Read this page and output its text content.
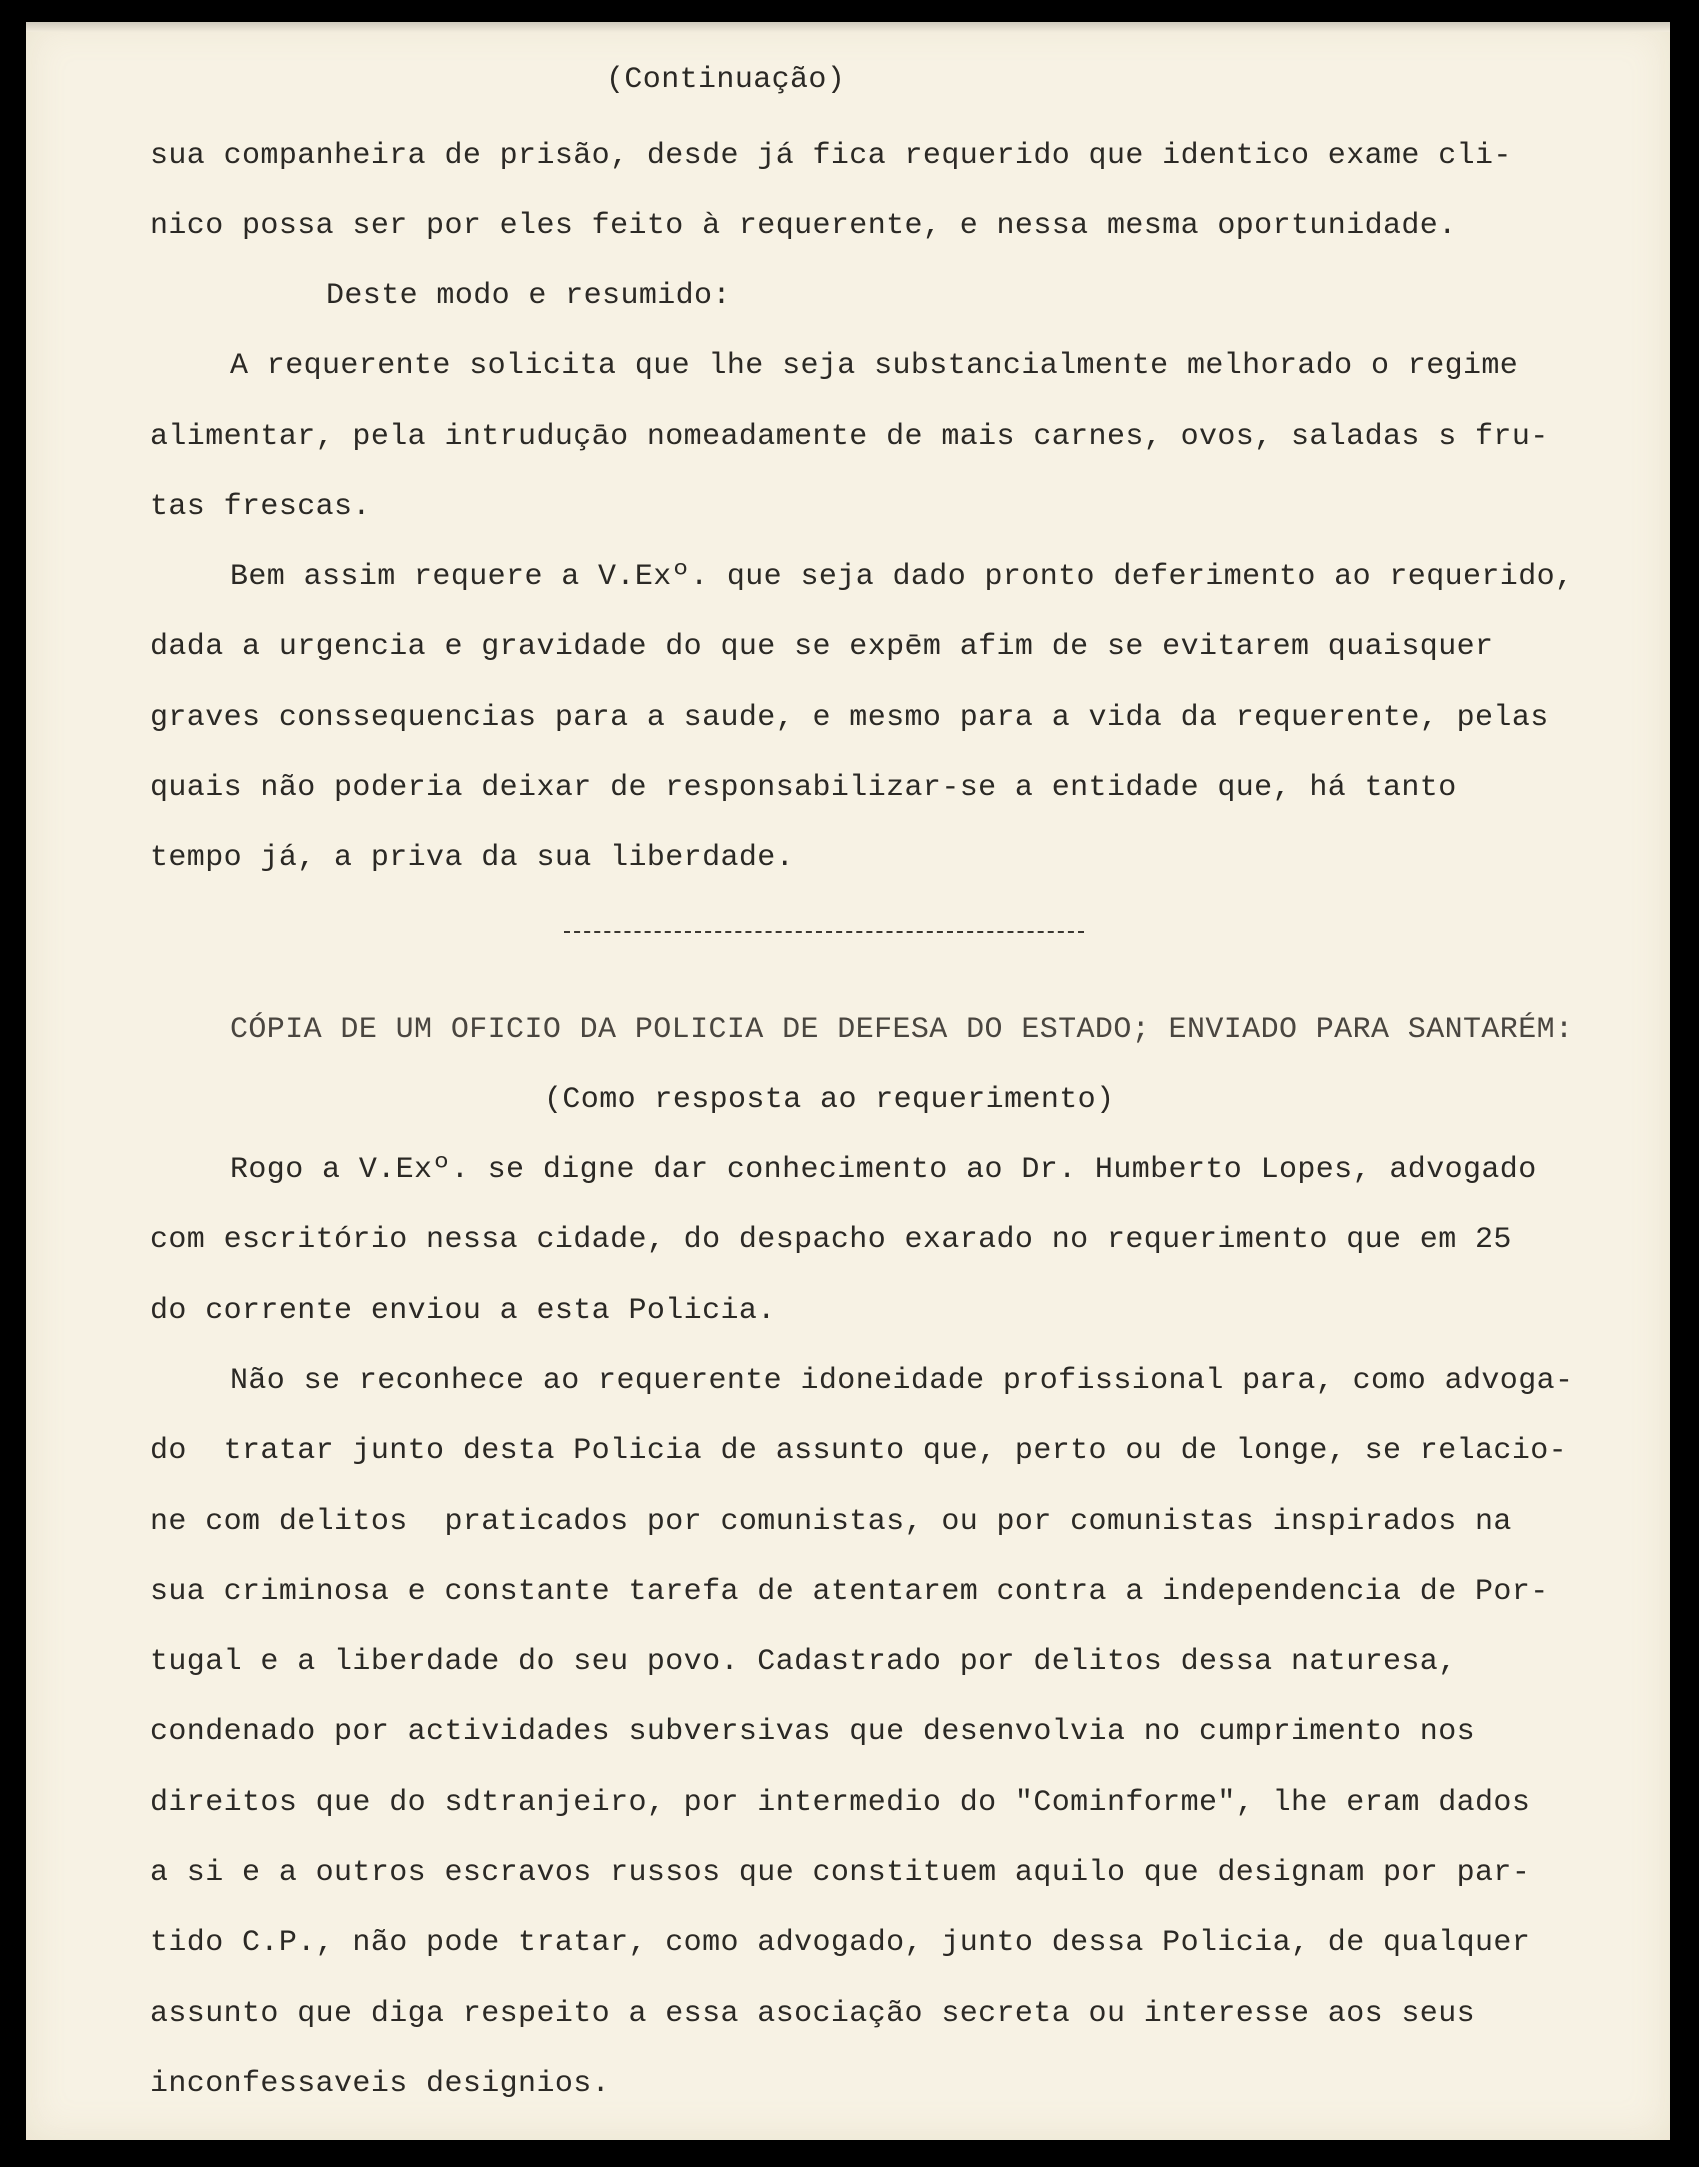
(Continuação)
sua companheira de prisão, desde já fica requerido que identico exame cli-
nico possa ser por eles feito à requerente, e nessa mesma oportunidade.
Deste modo e resumido:
A requerente solicita que lhe seja substancialmente melhorado o regime
alimentar, pela intruduçāo nomeadamente de mais carnes, ovos, saladas s fru-
tas frescas.
Bem assim requere a V.Exº. que seja dado pronto deferimento ao requerido,
dada a urgencia e gravidade do que se expēm afim de se evitarem quaisquer
graves conssequencias para a saude, e mesmo para a vida da requerente, pelas
quais não poderia deixar de responsabilizar-se a entidade que, há tanto
tempo já, a priva da sua liberdade.
CÓPIA DE UM OFICIO DA POLICIA DE DEFESA DO ESTADO; ENVIADO PARA SANTARÉM:
(Como resposta ao requerimento)
Rogo a V.Exº. se digne dar conhecimento ao Dr. Humberto Lopes, advogado
com escritório nessa cidade, do despacho exarado no requerimento que em 25
do corrente enviou a esta Policia.
Não se reconhece ao requerente idoneidade profissional para, como advoga-
do  tratar junto desta Policia de assunto que, perto ou de longe, se relacio-
ne com delitos  praticados por comunistas, ou por comunistas inspirados na
sua criminosa e constante tarefa de atentarem contra a independencia de Por-
tugal e a liberdade do seu povo. Cadastrado por delitos dessa naturesa,
condenado por actividades subversivas que desenvolvia no cumprimento nos
direitos que do sdtranjeiro, por intermedio do "Cominforme", lhe eram dados
a si e a outros escravos russos que constituem aquilo que designam por par-
tido C.P., não pode tratar, como advogado, junto dessa Policia, de qualquer
assunto que diga respeito a essa asociação secreta ou interesse aos seus
inconfessaveis designios.
